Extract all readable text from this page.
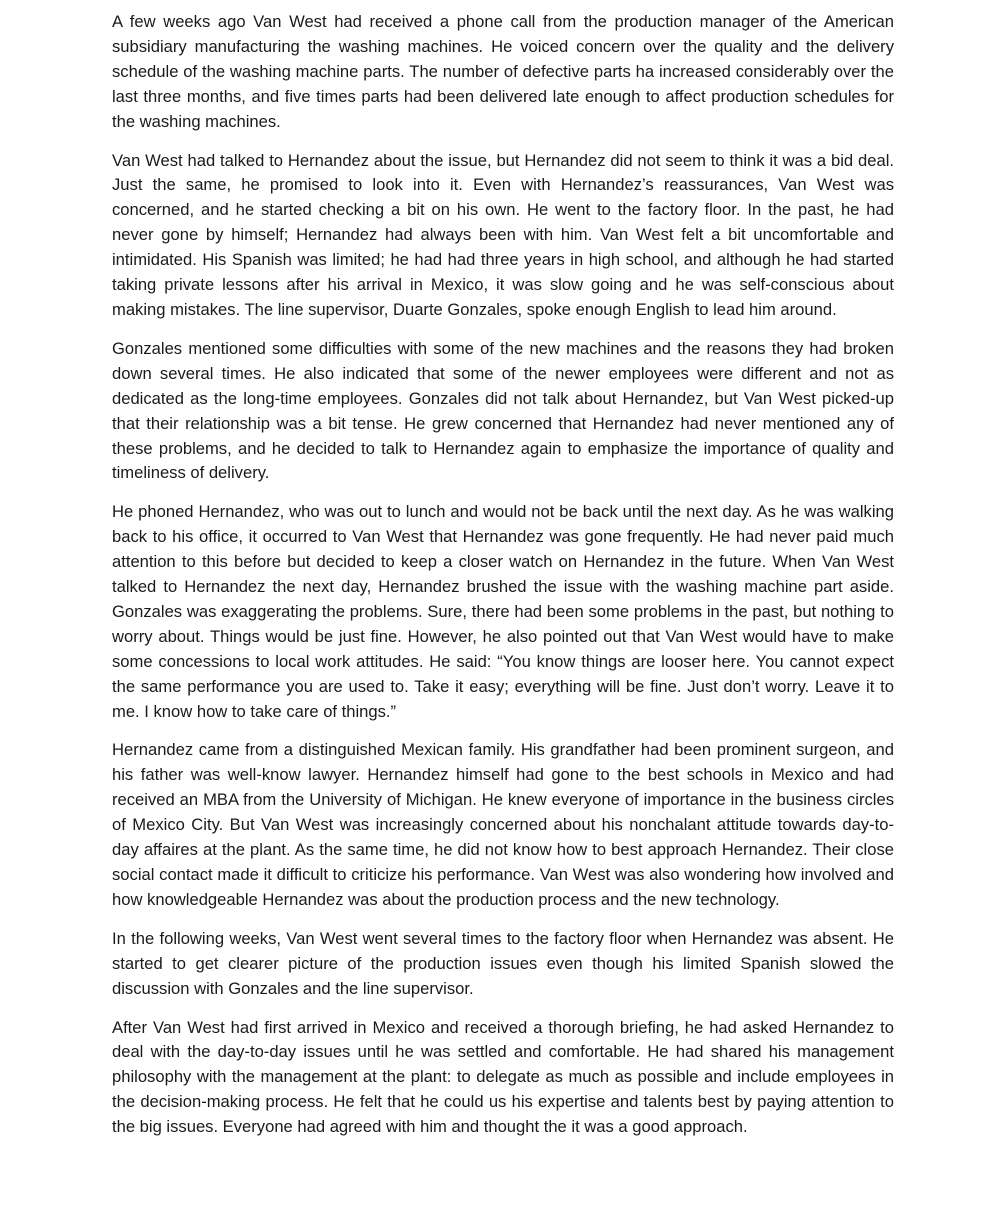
A few weeks ago Van West had received a phone call from the production manager of the American subsidiary manufacturing the washing machines. He voiced concern over the quality and the delivery schedule of the washing machine parts. The number of defective parts ha increased considerably over the last three months, and five times parts had been delivered late enough to affect production schedules for the washing machines.

Van West had talked to Hernandez about the issue, but Hernandez did not seem to think it was a bid deal. Just the same, he promised to look into it. Even with Hernandez’s reassurances, Van West was concerned, and he started checking a bit on his own. He went to the factory floor. In the past, he had never gone by himself; Hernandez had always been with him. Van West felt a bit uncomfortable and intimidated. His Spanish was limited; he had had three years in high school, and although he had started taking private lessons after his arrival in Mexico, it was slow going and he was self-conscious about making mistakes. The line supervisor, Duarte Gonzales, spoke enough English to lead him around.

Gonzales mentioned some difficulties with some of the new machines and the reasons they had broken down several times. He also indicated that some of the newer employees were different and not as dedicated as the long-time employees. Gonzales did not talk about Hernandez, but Van West picked-up that their relationship was a bit tense. He grew concerned that Hernandez had never mentioned any of these problems, and he decided to talk to Hernandez again to emphasize the importance of quality and timeliness of delivery.

He phoned Hernandez, who was out to lunch and would not be back until the next day. As he was walking back to his office, it occurred to Van West that Hernandez was gone frequently. He had never paid much attention to this before but decided to keep a closer watch on Hernandez in the future. When Van West talked to Hernandez the next day, Hernandez brushed the issue with the washing machine part aside. Gonzales was exaggerating the problems. Sure, there had been some problems in the past, but nothing to worry about. Things would be just fine. However, he also pointed out that Van West would have to make some concessions to local work attitudes. He said: “You know things are looser here. You cannot expect the same performance you are used to. Take it easy; everything will be fine. Just don’t worry. Leave it to me. I know how to take care of things.”

Hernandez came from a distinguished Mexican family. His grandfather had been prominent surgeon, and his father was well-know lawyer. Hernandez himself had gone to the best schools in Mexico and had received an MBA from the University of Michigan. He knew everyone of importance in the business circles of Mexico City. But Van West was increasingly concerned about his nonchalant attitude towards day-to-day affaires at the plant. As the same time, he did not know how to best approach Hernandez. Their close social contact made it difficult to criticize his performance. Van West was also wondering how involved and how knowledgeable Hernandez was about the production process and the new technology.

In the following weeks, Van West went several times to the factory floor when Hernandez was absent. He started to get clearer picture of the production issues even though his limited Spanish slowed the discussion with Gonzales and the line supervisor.

After Van West had first arrived in Mexico and received a thorough briefing, he had asked Hernandez to deal with the day-to-day issues until he was settled and comfortable. He had shared his management philosophy with the management at the plant: to delegate as much as possible and include employees in the decision-making process. He felt that he could us his expertise and talents best by paying attention to the big issues. Everyone had agreed with him and thought the it was a good approach.
